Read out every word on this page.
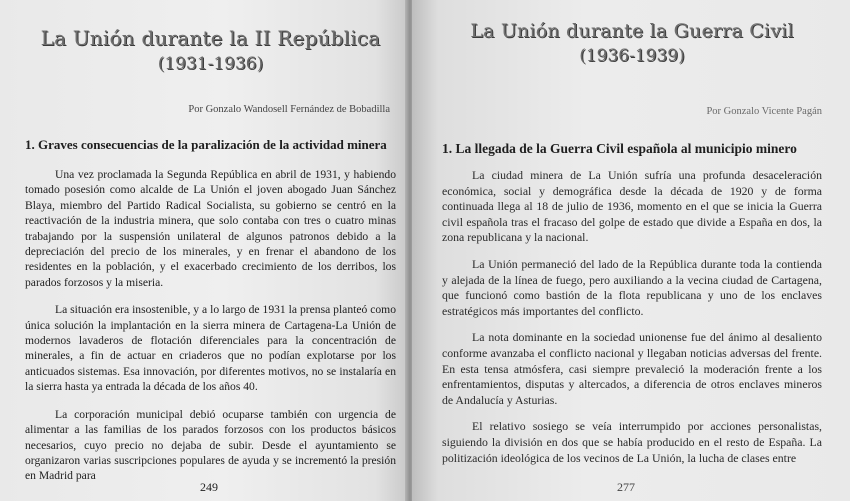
La Unión durante la II República
(1931-1936)
Por Gonzalo Wandosell Fernández de Bobadilla
1. Graves consecuencias de la paralización de la actividad minera

Una vez proclamada la Segunda República en abril de 1931, y habiendo tomado posesión como alcalde de La Unión el joven abogado Juan Sánchez Blaya, miembro del Partido Radical Socialista, su gobierno se centró en la reactivación de la industria minera, que solo contaba con tres o cuatro minas trabajando por la suspensión unilateral de algunos patronos debido a la depreciación del precio de los minerales, y en frenar el abandono de los residentes en la población, y el exacerbado crecimiento de los derribos, los parados forzosos y la miseria.

La situación era insostenible, y a lo largo de 1931 la prensa planteó como única solución la implantación en la sierra minera de Cartagena-La Unión de modernos lavaderos de flotación diferenciales para la concentración de minerales, a fin de actuar en criaderos que no podían explotarse por los anticuados sistemas. Esa innovación, por diferentes motivos, no se instalaría en la sierra hasta ya entrada la década de los años 40.

La corporación municipal debió ocuparse también con urgencia de alimentar a las familias de los parados forzosos con los productos básicos necesarios, cuyo precio no dejaba de subir. Desde el ayuntamiento se organizaron varias suscripciones populares de ayuda y se incrementó la presión en Madrid para

249
La Unión durante la Guerra Civil
(1936-1939)
Por Gonzalo Vicente Pagán
1. La llegada de la Guerra Civil española al municipio minero

La ciudad minera de La Unión sufría una profunda desaceleración económica, social y demográfica desde la década de 1920 y de forma continuada llega al 18 de julio de 1936, momento en el que se inicia la Guerra civil española tras el fracaso del golpe de estado que divide a España en dos, la zona republicana y la nacional.

La Unión permaneció del lado de la República durante toda la contienda y alejada de la línea de fuego, pero auxiliando a la vecina ciudad de Cartagena, que funcionó como bastión de la flota republicana y uno de los enclaves estratégicos más importantes del conflicto.

La nota dominante en la sociedad unionense fue del ánimo al desaliento conforme avanzaba el conflicto nacional y llegaban noticias adversas del frente. En esta tensa atmósfera, casi siempre prevaleció la moderación frente a los enfrentamientos, disputas y altercados, a diferencia de otros enclaves mineros de Andalucía y Asturias.

El relativo sosiego se veía interrumpido por acciones personalistas, siguiendo la división en dos que se había producido en el resto de España. La politización ideológica de los vecinos de La Unión, la lucha de clases entre

277
